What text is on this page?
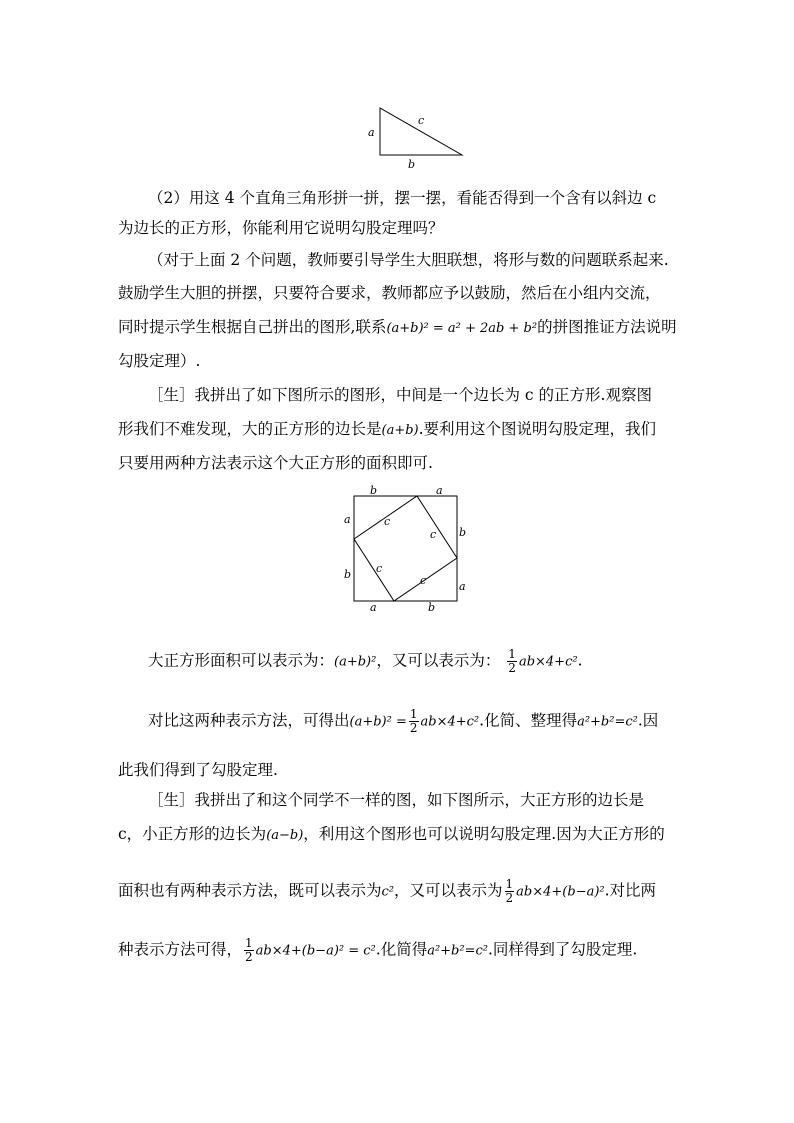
a
c
b
（2）用这 4 个直角三角形拼一拼，摆一摆，看能否得到一个含有以斜边 c
为边长的正方形，你能利用它说明勾股定理吗？
（对于上面 2 个问题，教师要引导学生大胆联想，将形与数的问题联系起来.
鼓励学生大胆的拼摆，只要符合要求，教师都应予以鼓励，然后在小组内交流，
同时提示学生根据自己拼出的图形,联系(a+b)² = a² + 2ab + b²的拼图推证方法说明
勾股定理）.
［生］我拼出了如下图所示的图形，中间是一个边长为 c 的正方形.观察图
形我们不难发现，大的正方形的边长是(a+b).要利用这个图说明勾股定理，我们
只要用两种方法表示这个大正方形的面积即可.
b	a
a
b
b
a
a	b
c
c
c
c
大正方形面积可以表示为：(a+b)²，又可以表示为： $\frac{1}{2} ab\times 4+c^2$.
对比这两种表示方法，可得出$(a+b)^2 = \frac{1}{2} ab\times 4+c^2$.化简、整理得a²+b²=c².因
此我们得到了勾股定理.
［生］我拼出了和这个同学不一样的图，如下图所示，大正方形的边长是
c，小正方形的边长为(a−b)，利用这个图形也可以说明勾股定理.因为大正方形的
面积也有两种表示方法，既可以表示为c²，又可以表示为 $\frac{1}{2} ab\times 4+(b-a)^2$.对比两
种表示方法可得， $\frac{1}{2} ab\times 4+(b-a)^2 = c^2$.化简得a²+b²=c².同样得到了勾股定理.
